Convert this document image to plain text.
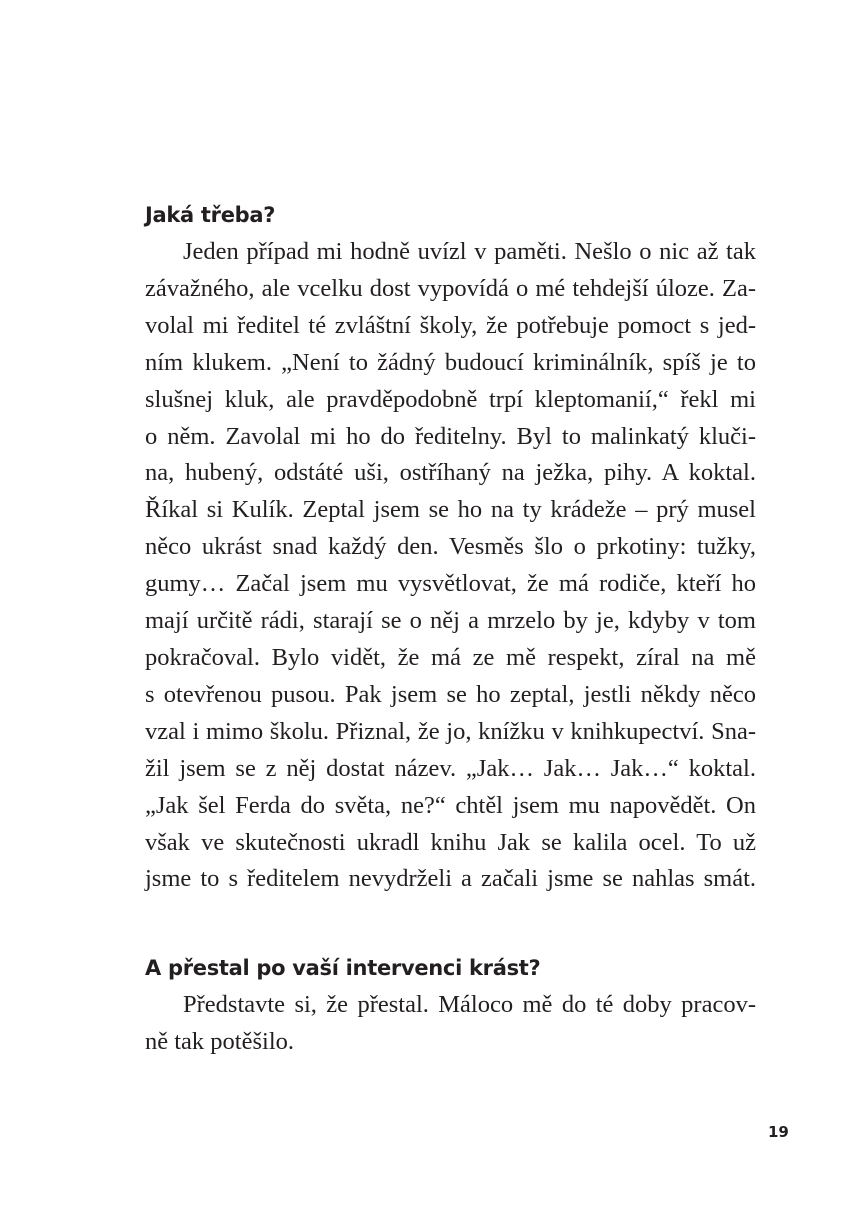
Jaká třeba?
Jeden případ mi hodně uvízl v paměti. Nešlo o nic až tak
závažného, ale vcelku dost vypovídá o mé tehdejší úloze. Za-
volal mi ředitel té zvláštní školy, že potřebuje pomoct s jed-
ním klukem. „Není to žádný budoucí kriminálník, spíš je to
slušnej kluk, ale pravděpodobně trpí kleptomanií,“ řekl mi
o něm. Zavolal mi ho do ředitelny. Byl to malinkatý kluči-
na, hubený, odstáté uši, ostříhaný na ježka, pihy. A koktal.
Říkal si Kulík. Zeptal jsem se ho na ty krádeže – prý musel
něco ukrást snad každý den. Vesměs šlo o prkotiny: tužky,
gumy… Začal jsem mu vysvětlovat, že má rodiče, kteří ho
mají určitě rádi, starají se o něj a mrzelo by je, kdyby v tom
pokračoval. Bylo vidět, že má ze mě respekt, zíral na mě
s otevřenou pusou. Pak jsem se ho zeptal, jestli někdy něco
vzal i mimo školu. Přiznal, že jo, knížku v knihkupectví. Sna-
žil jsem se z něj dostat název. „Jak… Jak… Jak…“ koktal.
„Jak šel Ferda do světa, ne?“ chtěl jsem mu napovědět. On
však ve skutečnosti ukradl knihu Jak se kalila ocel. To už
jsme to s ředitelem nevydrželi a začali jsme se nahlas smát.
A přestal po vaší intervenci krást?
Představte si, že přestal. Máloco mě do té doby pracov-
ně tak potěšilo.
19
